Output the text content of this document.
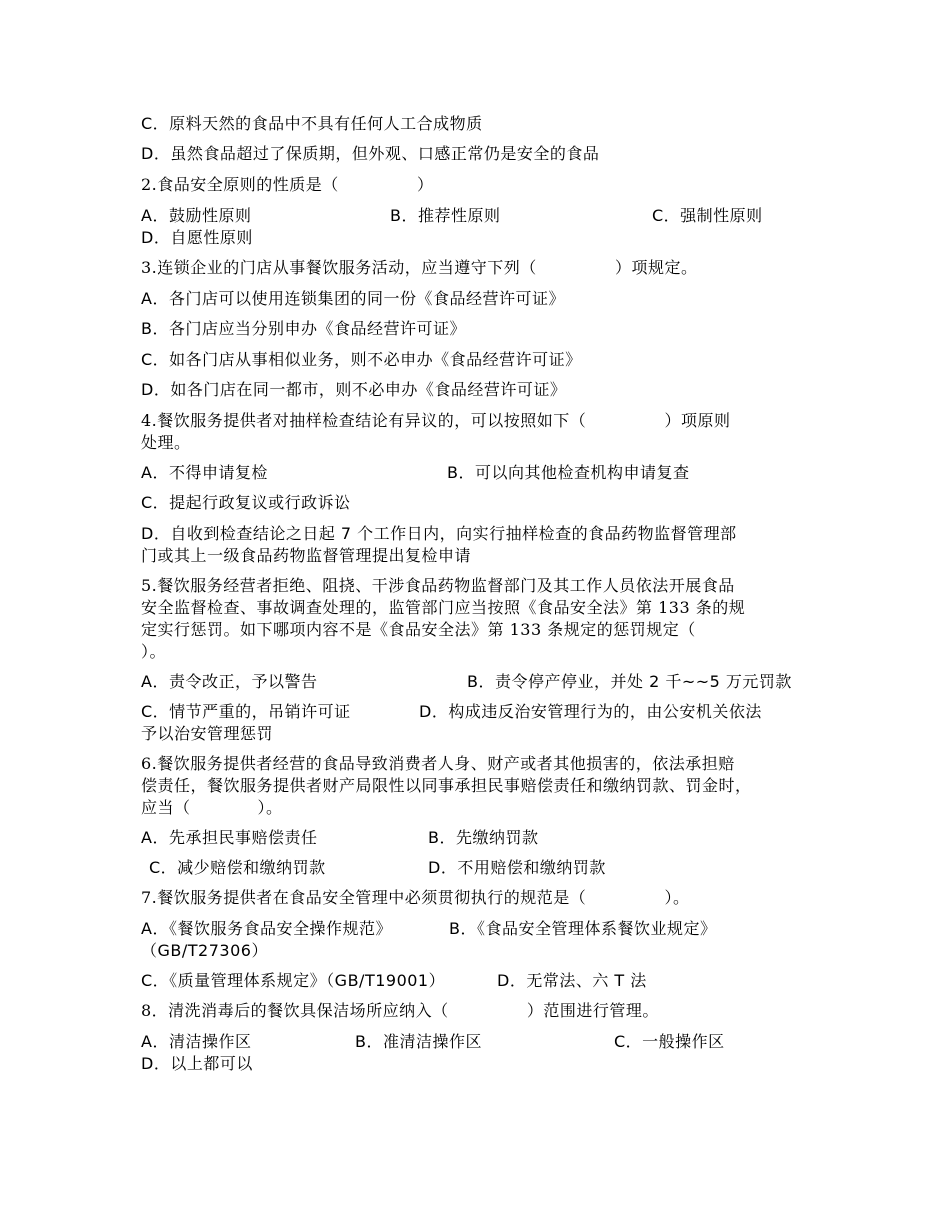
C．原料天然的食品中不具有任何人工合成物质
D．虽然食品超过了保质期，但外观、口感正常仍是安全的食品
2.食品安全原则的性质是（              ）
A．鼓励性原则	B．推荐性原则	C．强制性原则
D．自愿性原则
3.连锁企业的门店从事餐饮服务活动，应当遵守下列（              ）项规定。
A．各门店可以使用连锁集团的同一份《食品经营许可证》
B．各门店应当分别申办《食品经营许可证》
C．如各门店从事相似业务，则不必申办《食品经营许可证》
D．如各门店在同一都市，则不必申办《食品经营许可证》
4.餐饮服务提供者对抽样检查结论有异议的，可以按照如下（              ）项原则
处理。
A．不得申请复检	B．可以向其他检查机构申请复查
C．提起行政复议或行政诉讼
D．自收到检查结论之日起 7 个工作日内，向实行抽样检查的食品药物监督管理部
门或其上一级食品药物监督管理提出复检申请
5.餐饮服务经营者拒绝、阻挠、干涉食品药物监督部门及其工作人员依法开展食品
安全监督检查、事故调查处理的，监管部门应当按照《食品安全法》第 133 条的规
定实行惩罚。如下哪项内容不是《食品安全法》第 133 条规定的惩罚规定（
）。
A．责令改正，予以警告	B．责令停产停业，并处 2 千~~5 万元罚款
C．情节严重的，吊销许可证	D．构成违反治安管理行为的，由公安机关依法
予以治安管理惩罚
6.餐饮服务提供者经营的食品导致消费者人身、财产或者其他损害的，依法承担赔
偿责任，餐饮服务提供者财产局限性以同事承担民事赔偿责任和缴纳罚款、罚金时，
应当（            ）。
A．先承担民事赔偿责任	B．先缴纳罚款
C．减少赔偿和缴纳罚款	D．不用赔偿和缴纳罚款
7.餐饮服务提供者在食品安全管理中必须贯彻执行的规范是（              ）。
A．《餐饮服务食品安全操作规范》	B．《食品安全管理体系餐饮业规定》
（GB/T27306）
C．《质量管理体系规定》（GB/T19001）	D．无常法、六 T 法
8．清洗消毒后的餐饮具保洁场所应纳入（              ）范围进行管理。
A．清洁操作区	B．准清洁操作区	C．一般操作区
D．以上都可以
